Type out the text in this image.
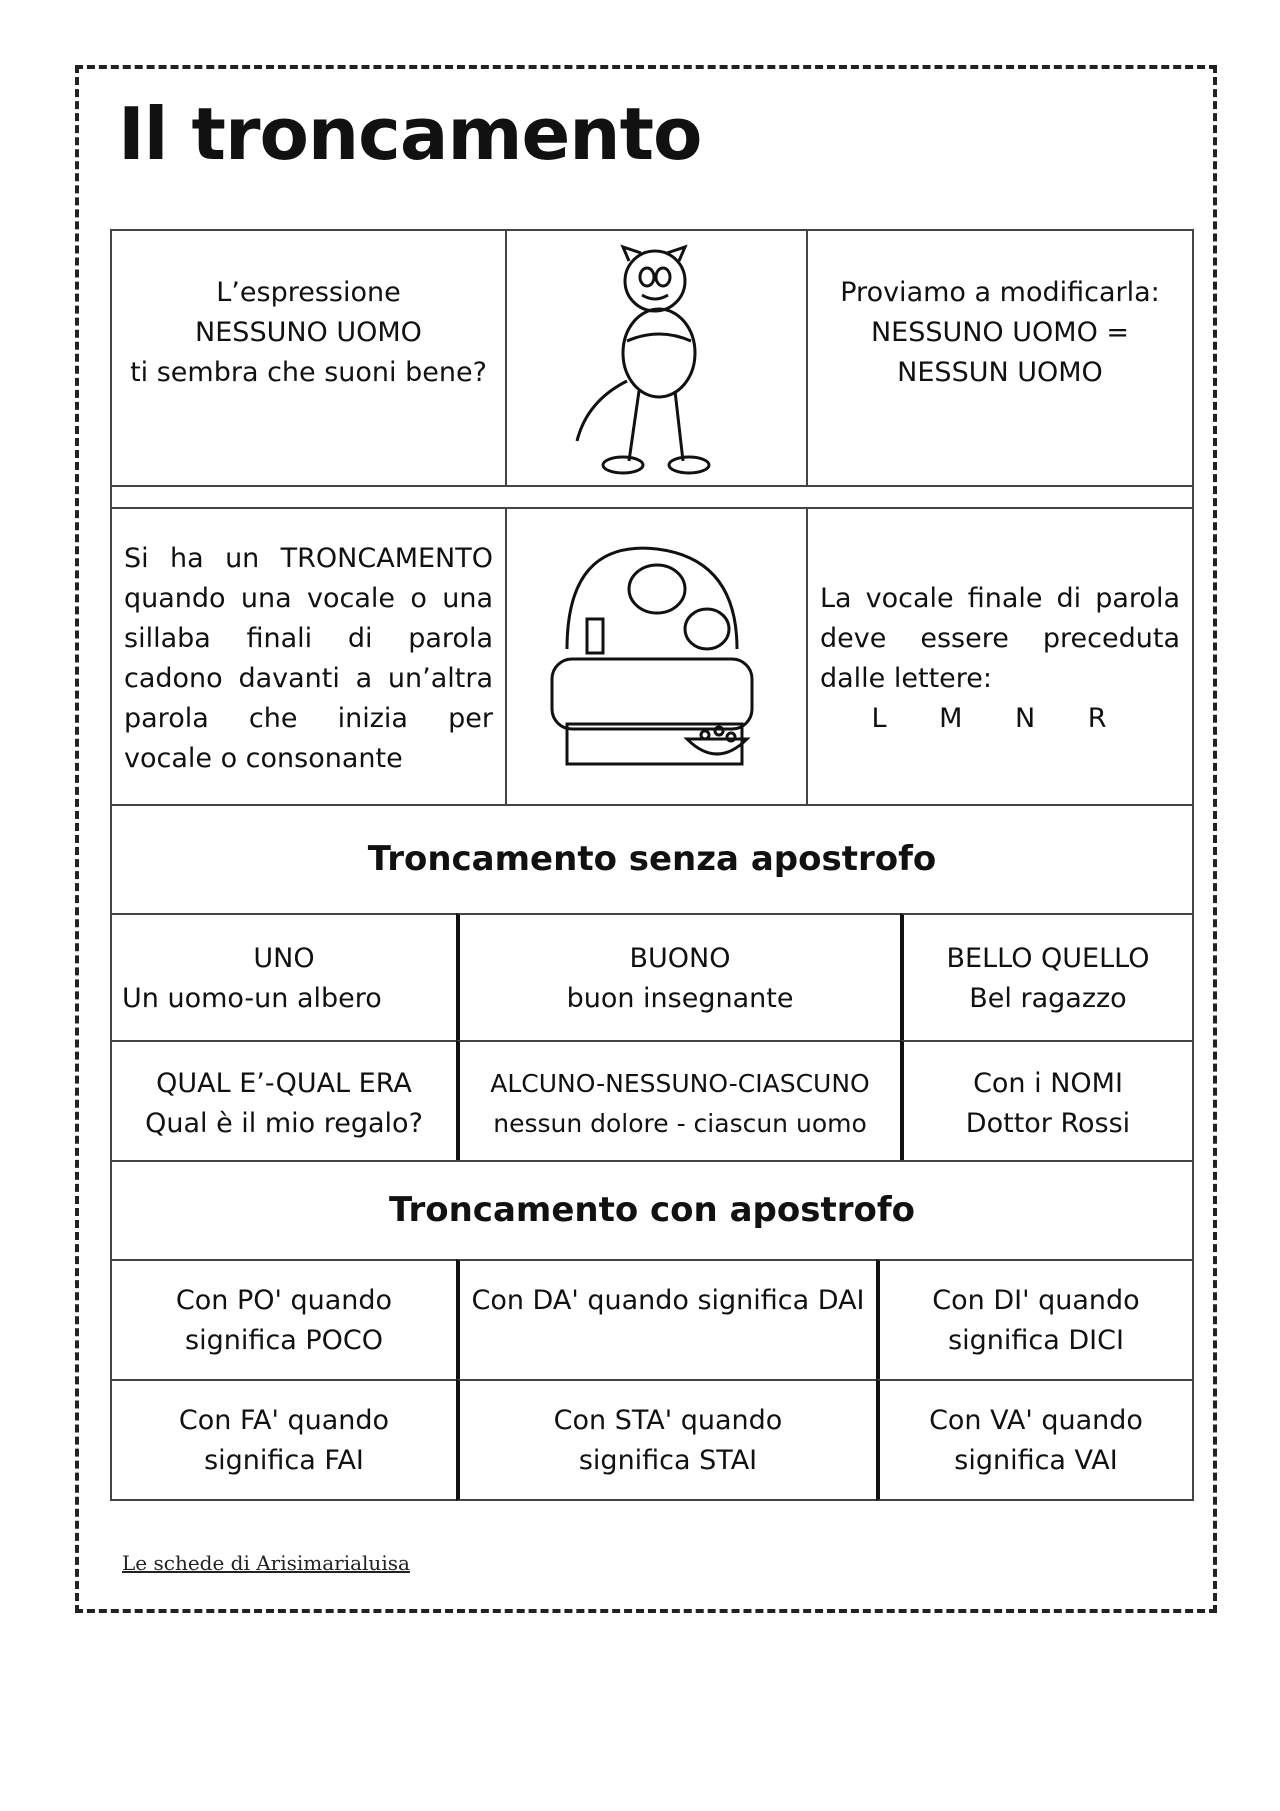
Il troncamento
L’espressione
NESSUNO UOMO
ti sembra che suoni bene?
Proviamo a modificarla:
NESSUNO UOMO =
NESSUN UOMO
Si ha un TRONCAMENTO quando una vocale o una sillaba finali di parola cadono davanti a un’altra parola che inizia per vocale o consonante
La vocale finale di parola deve essere preceduta dalle lettere:
L M N R
Troncamento senza apostrofo
UNO
Un uomo-un albero
BUONO
buon insegnante
BELLO QUELLO
Bel ragazzo
QUAL E’-QUAL ERA
Qual è il mio regalo?
ALCUNO-NESSUNO-CIASCUNO
nessun dolore - ciascun uomo
Con i NOMI
Dottor Rossi
Troncamento con apostrofo
Con PO' quando significa POCO
Con DA' quando significa DAI	Con DI' quando significa DICI
Con FA' quando significa FAI
Con STA' quando significa STAI
Con VA' quando significa VAI
Le schede di Arisimarialuisa
